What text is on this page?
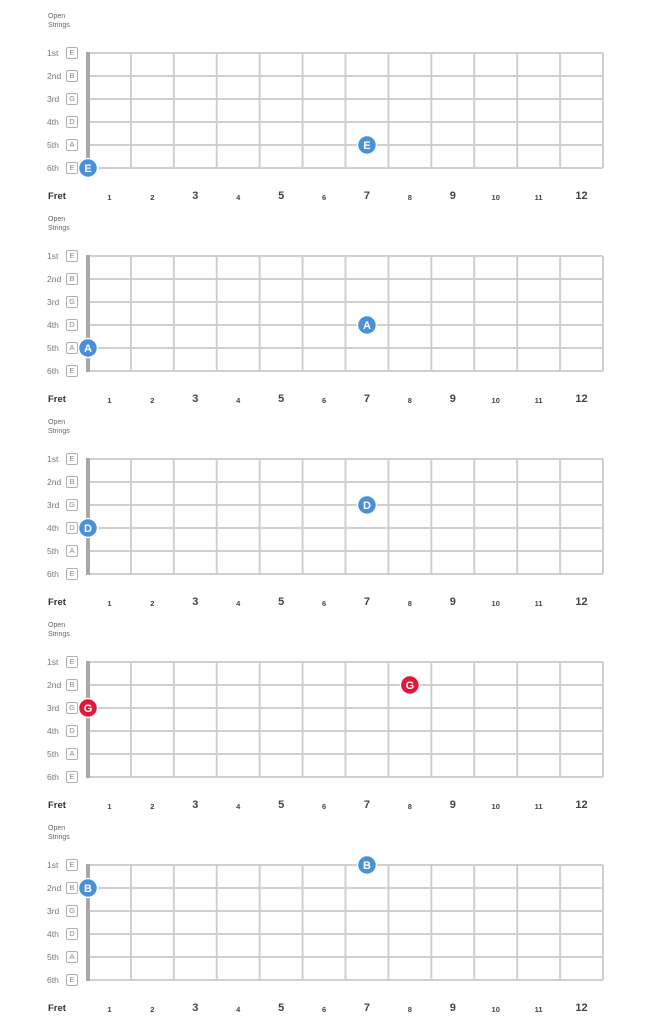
Open
Strings
E
E
1st	E
2nd	B
3rd	G
4th	D
5th	A
6th	E
Fret	1	2	3	4	5	6	7	8	9	10	11	12
Open
Strings
A
A
1st	E
2nd	B
3rd	G
4th	D
5th	A
6th	E
Fret	1	2	3	4	5	6	7	8	9	10	11	12
Open
Strings
D
D
1st	E
2nd	B
3rd	G
4th	D
5th	A
6th	E
Fret	1	2	3	4	5	6	7	8	9	10	11	12
Open
Strings
G
G
1st	E
2nd	B
3rd	G
4th	D
5th	A
6th	E
Fret	1	2	3	4	5	6	7	8	9	10	11	12
Open
Strings
B
B
1st	E
2nd	B
3rd	G
4th	D
5th	A
6th	E
Fret	1	2	3	4	5	6	7	8	9	10	11	12
